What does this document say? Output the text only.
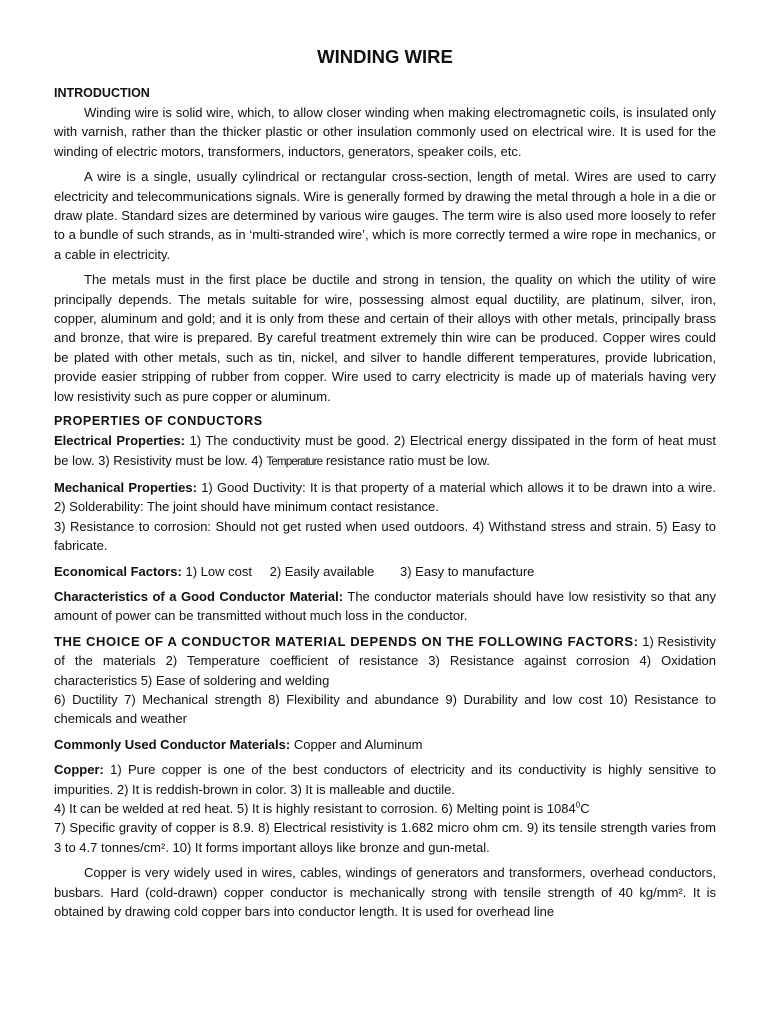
WINDING WIRE
INTRODUCTION

Winding wire is solid wire, which, to allow closer winding when making electromagnetic coils, is insulated only with varnish, rather than the thicker plastic or other insulation commonly used on electrical wire. It is used for the winding of electric motors, transformers, inductors, generators, speaker coils, etc.

A wire is a single, usually cylindrical or rectangular cross-section, length of metal. Wires are used to carry electricity and telecommunications signals. Wire is generally formed by drawing the metal through a hole in a die or draw plate. Standard sizes are determined by various wire gauges. The term wire is also used more loosely to refer to a bundle of such strands, as in ‘multi-stranded wire’, which is more correctly termed a wire rope in mechanics, or a cable in electricity.

The metals must in the first place be ductile and strong in tension, the quality on which the utility of wire principally depends. The metals suitable for wire, possessing almost equal ductility, are platinum, silver, iron, copper, aluminum and gold; and it is only from these and certain of their alloys with other metals, principally brass and bronze, that wire is prepared. By careful treatment extremely thin wire can be produced. Copper wires could be plated with other metals, such as tin, nickel, and silver to handle different temperatures, provide lubrication, provide easier stripping of rubber from copper. Wire used to carry electricity is made up of materials having very low resistivity such as pure copper or aluminum.

PROPERTIES OF CONDUCTORS

Electrical Properties: 1) The conductivity must be good. 2) Electrical energy dissipated in the form of heat must be low. 3) Resistivity must be low. 4) Temperature resistance ratio must be low.

Mechanical Properties: 1) Good Ductivity: It is that property of a material which allows it to be drawn into a wire. 2) Solderability: The joint should have minimum contact resistance.

3) Resistance to corrosion: Should not get rusted when used outdoors. 4) Withstand stress and strain. 5) Easy to fabricate.

Economical Factors: 1) Low cost 2) Easily available 3) Easy to manufacture

Characteristics of a Good Conductor Material: The conductor materials should have low resistivity so that any amount of power can be transmitted without much loss in the conductor.

THE CHOICE OF A CONDUCTOR MATERIAL DEPENDS ON THE FOLLOWING FACTORS: 1) Resistivity of the materials 2) Temperature coefficient of resistance 3) Resistance against corrosion 4) Oxidation characteristics 5) Ease of soldering and welding

6) Ductility 7) Mechanical strength 8) Flexibility and abundance 9) Durability and low cost 10) Resistance to chemicals and weather

Commonly Used Conductor Materials: Copper and Aluminum

Copper: 1) Pure copper is one of the best conductors of electricity and its conductivity is highly sensitive to impurities. 2) It is reddish-brown in color. 3) It is malleable and ductile.

4) It can be welded at red heat. 5) It is highly resistant to corrosion. 6) Melting point is 1084$^0$C

7) Specific gravity of copper is 8.9. 8) Electrical resistivity is 1.682 micro ohm cm. 9) its tensile strength varies from 3 to 4.7 tonnes/cm². 10) It forms important alloys like bronze and gun-metal.

Copper is very widely used in wires, cables, windings of generators and transformers, overhead conductors, busbars. Hard (cold-drawn) copper conductor is mechanically strong with tensile strength of 40 kg/mm². It is obtained by drawing cold copper bars into conductor length. It is used for overhead line
